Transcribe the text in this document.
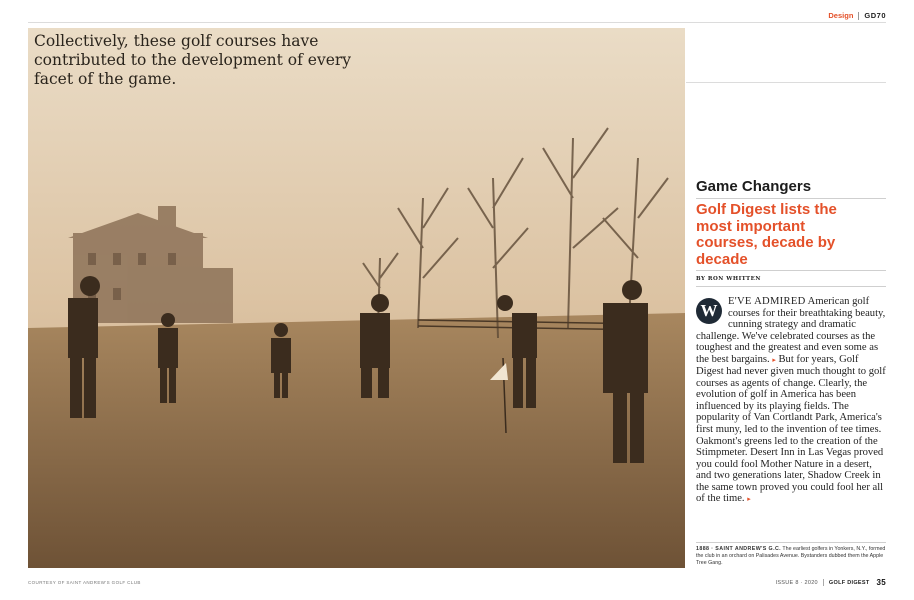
Design GD70
Collectively, these golf courses have contributed to the development of every facet of the game.
Game Changers
Golf Digest lists the most important courses, decade by decade
BY RON WHITTEN
W E'VE ADMIRED American golf courses for their breathtaking beauty, cunning strategy and dramatic challenge. We've celebrated courses as the toughest and the greatest and even some as the best bargains. ▸ But for years, Golf Digest had never given much thought to golf courses as agents of change. Clearly, the evolution of golf in America has been influenced by its playing fields. The popularity of Van Cortlandt Park, America's first muny, led to the invention of tee times. Oakmont's greens led to the creation of the Stimpmeter. Desert Inn in Las Vegas proved you could fool Mother Nature in a desert, and two generations later, Shadow Creek in the same town proved you could fool her all of the time. ▸
1888 · SAINT ANDREW'S G.C. The earliest golfers in Yonkers, N.Y., formed the club in an orchard on Palisades Avenue. Bystanders dubbed them the Apple Tree Gang.
COURTESY OF SAINT ANDREW'S GOLF CLUB	ISSUE 8 · 2020 GOLF DIGEST 35
